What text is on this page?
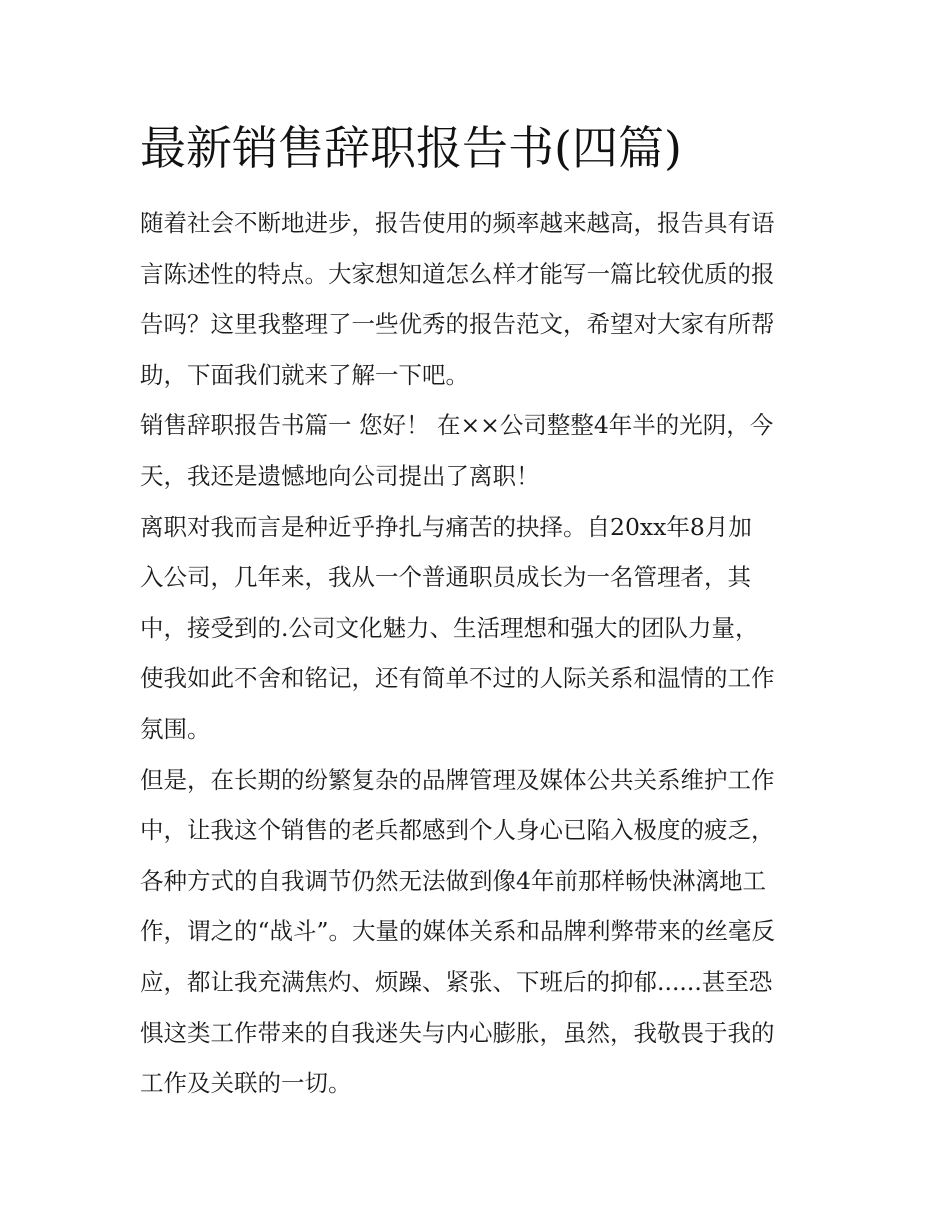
最新销售辞职报告书(四篇)
随着社会不断地进步，报告使用的频率越来越高，报告具有语
言陈述性的特点。大家想知道怎么样才能写一篇比较优质的报
告吗？这里我整理了一些优秀的报告范文，希望对大家有所帮
助，下面我们就来了解一下吧。
销售辞职报告书篇一 您好！ 在××公司整整4年半的光阴，今
天，我还是遗憾地向公司提出了离职！
离职对我而言是种近乎挣扎与痛苦的抉择。自20xx年8月加
入公司，几年来，我从一个普通职员成长为一名管理者，其
中，接受到的.公司文化魅力、生活理想和强大的团队力量，
使我如此不舍和铭记，还有简单不过的人际关系和温情的工作
氛围。
但是，在长期的纷繁复杂的品牌管理及媒体公共关系维护工作
中，让我这个销售的老兵都感到个人身心已陷入极度的疲乏，
各种方式的自我调节仍然无法做到像4年前那样畅快淋漓地工
作，谓之的“战斗”。大量的媒体关系和品牌利弊带来的丝毫反
应，都让我充满焦灼、烦躁、紧张、下班后的抑郁......甚至恐
惧这类工作带来的自我迷失与内心膨胀，虽然，我敬畏于我的
工作及关联的一切。
